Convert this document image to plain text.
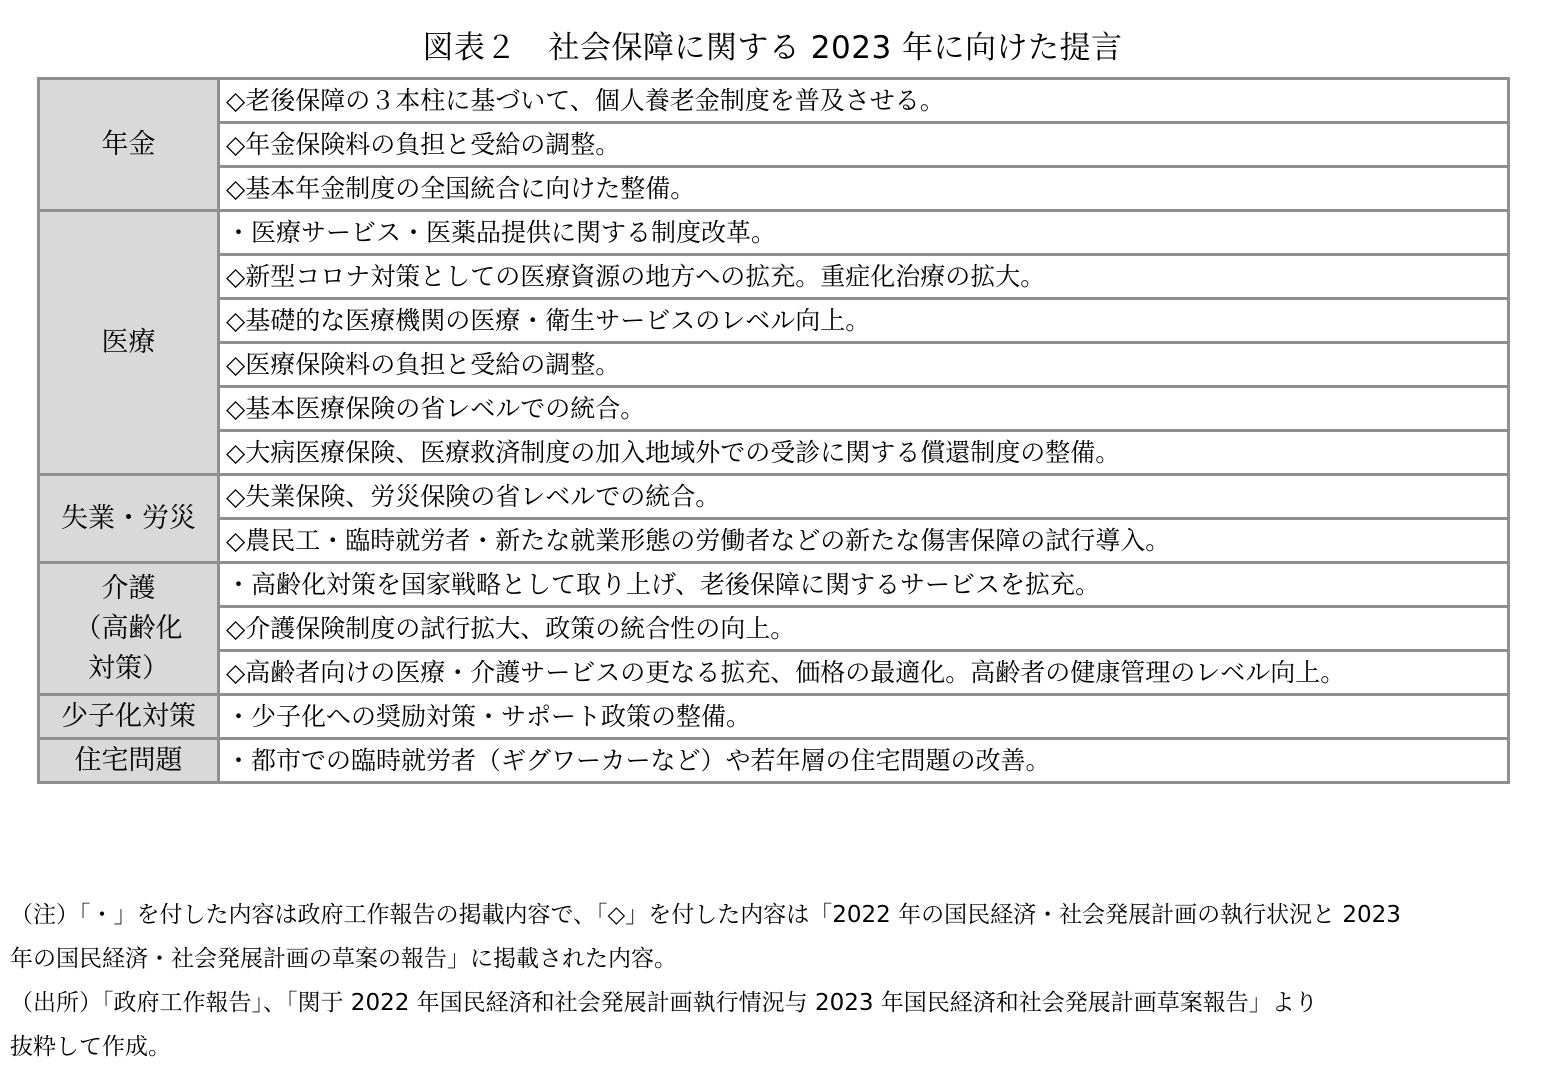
図表２　社会保障に関する 2023 年に向けた提言
年金	◇老後保障の３本柱に基づいて、個人養老金制度を普及させる。
	◇年金保険料の負担と受給の調整。
	◇基本年金制度の全国統合に向けた整備。
医療	・医療サービス・医薬品提供に関する制度改革。
	◇新型コロナ対策としての医療資源の地方への拡充。重症化治療の拡大。
	◇基礎的な医療機関の医療・衛生サービスのレベル向上。
	◇医療保険料の負担と受給の調整。
	◇基本医療保険の省レベルでの統合。
	◇大病医療保険、医療救済制度の加入地域外での受診に関する償還制度の整備。
失業・労災	◇失業保険、労災保険の省レベルでの統合。
	◇農民工・臨時就労者・新たな就業形態の労働者などの新たな傷害保障の試行導入。

介護
（高齢化
対策）	・高齢化対策を国家戦略として取り上げ、老後保障に関するサービスを拡充。
	◇介護保険制度の試行拡大、政策の統合性の向上。
	◇高齢者向けの医療・介護サービスの更なる拡充、価格の最適化。高齢者の健康管理のレベル向上。
少子化対策	・少子化への奨励対策・サポート政策の整備。
住宅問題	・都市での臨時就労者（ギグワーカーなど）や若年層の住宅問題の改善。

（注）「・」を付した内容は政府工作報告の掲載内容で、「◇」を付した内容は「2022 年の国民経済・社会発展計画の執行状況と 2023

年の国民経済・社会発展計画の草案の報告」に掲載された内容。

（出所）「政府工作報告」、「関于 2022 年国民経済和社会発展計画執行情況与 2023 年国民経済和社会発展計画草案報告」より

抜粋して作成。
